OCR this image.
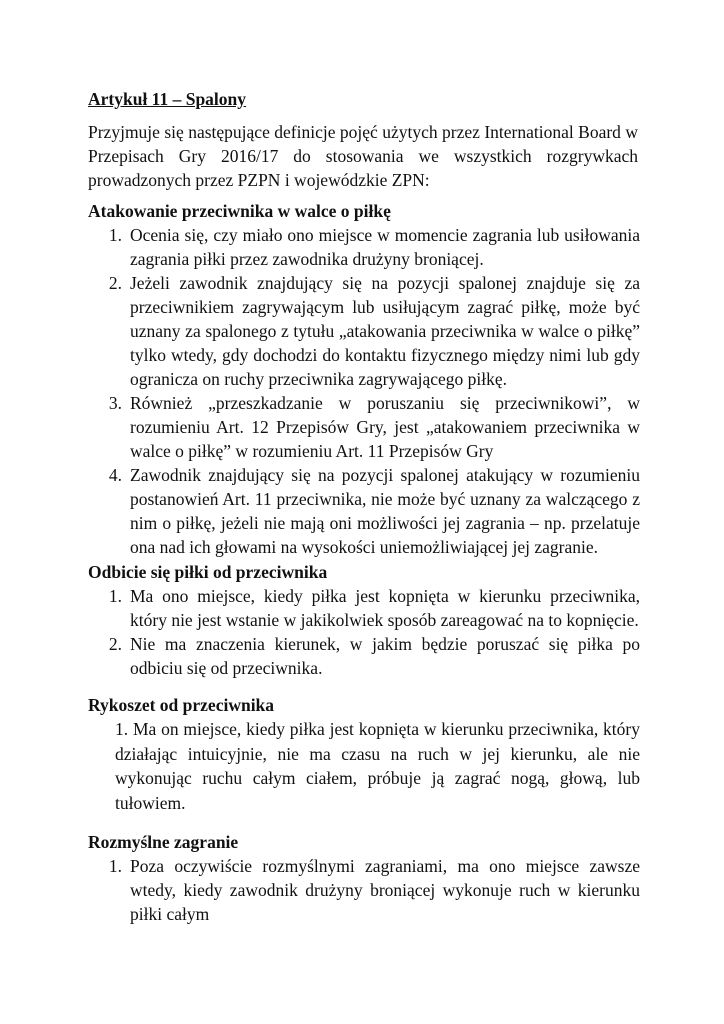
Artykuł 11 – Spalony

Przyjmuje się następujące definicje pojęć użytych przez International Board w Przepisach Gry 2016/17 do stosowania we wszystkich rozgrywkach prowadzonych przez PZPN i wojewódzkie ZPN:

Atakowanie przeciwnika w walce o piłkę

1. Ocenia się, czy miało ono miejsce w momencie zagrania lub usiłowania zagrania piłki przez zawodnika drużyny broniącej.
2. Jeżeli zawodnik znajdujący się na pozycji spalonej znajduje się za przeciwnikiem zagrywającym lub usiłującym zagrać piłkę, może być uznany za spalonego z tytułu „atakowania przeciwnika w walce o piłkę” tylko wtedy, gdy dochodzi do kontaktu fizycznego między nimi lub gdy ogranicza on ruchy przeciwnika zagrywającego piłkę.
3. Również „przeszkadzanie w poruszaniu się przeciwnikowi”, w rozumieniu Art. 12 Przepisów Gry, jest „atakowaniem przeciwnika w walce o piłkę” w rozumieniu Art. 11 Przepisów Gry
4. Zawodnik znajdujący się na pozycji spalonej atakujący w rozumieniu postanowień Art. 11 przeciwnika, nie może być uznany za walczącego z nim o piłkę, jeżeli nie mają oni możliwości jej zagrania – np. przelatuje ona nad ich głowami na wysokości uniemożliwiającej jej zagranie.

Odbicie się piłki od przeciwnika

1. Ma ono miejsce, kiedy piłka jest kopnięta w kierunku przeciwnika, który nie jest wstanie w jakikolwiek sposób zareagować na to kopnięcie.
2. Nie ma znaczenia kierunek, w jakim będzie poruszać się piłka po odbiciu się od przeciwnika.

Rykoszet od przeciwnika

1. Ma on miejsce, kiedy piłka jest kopnięta w kierunku przeciwnika, który działając intuicyjnie, nie ma czasu na ruch w jej kierunku, ale nie wykonując ruchu całym ciałem, próbuje ją zagrać nogą, głową, lub tułowiem.

Rozmyślne zagranie

1. Poza oczywiście rozmyślnymi zagraniami, ma ono miejsce zawsze wtedy, kiedy zawodnik drużyny broniącej wykonuje ruch w kierunku piłki całym
